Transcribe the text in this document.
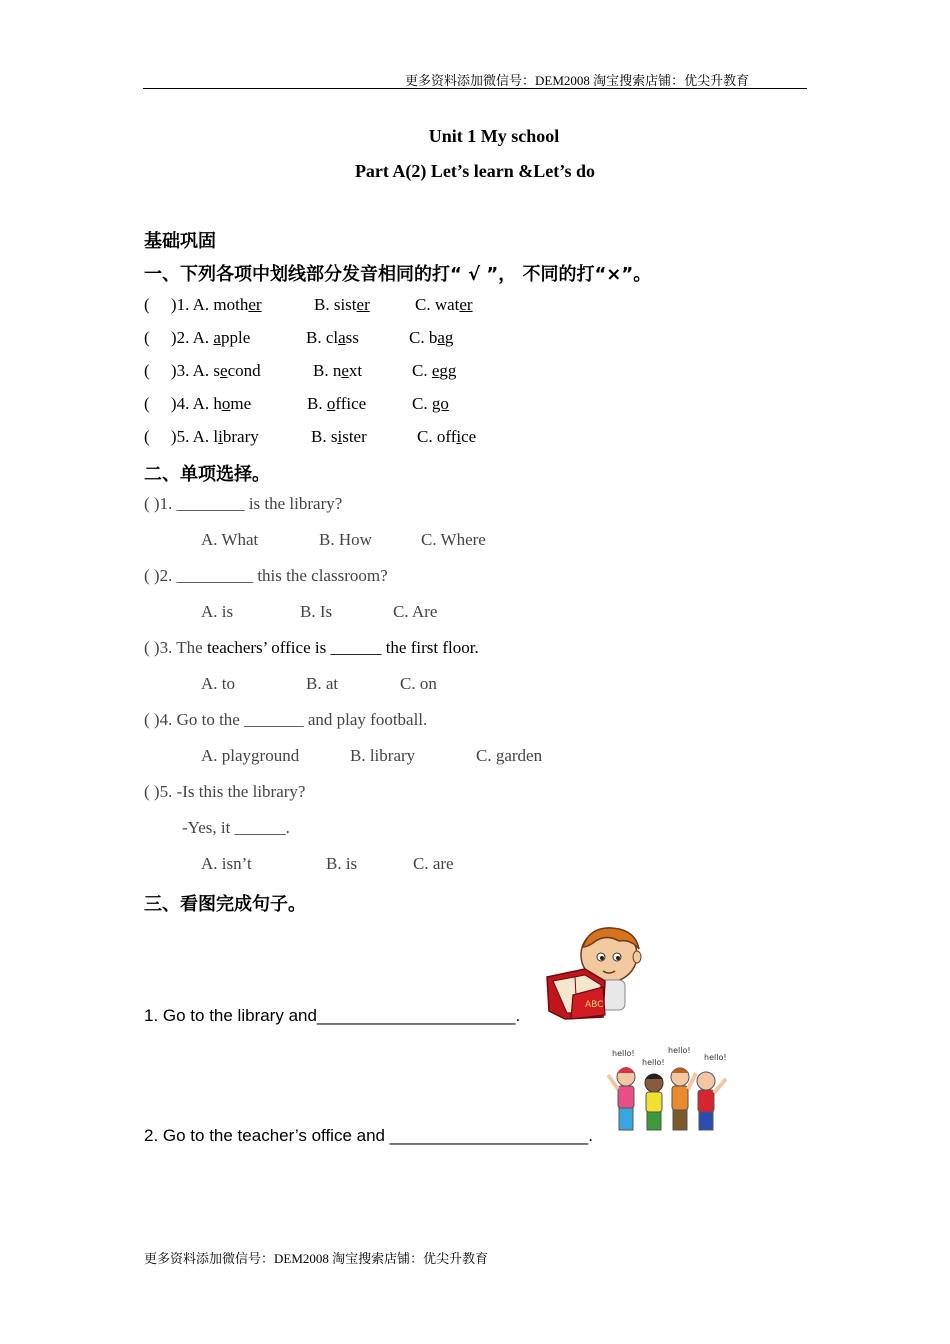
更多资料添加微信号：DEM2008 淘宝搜索店铺：优尖升教育
Unit 1 My school
Part A(2) Let’s learn &Let’s do
基础巩固
一、下列各项中划线部分发音相同的打“ √ ”， 不同的打“×”。
(     )1. A. mother	B. sister	C. water
(     )2. A. apple	B. class	C. bag
(     )3. A. second	B. next	C. egg
(     )4. A. home	B. office	C. go
(     )5. A. library	B. sister	C. office
二、单项选择。
( )1. ________ is the library?
A. What	B. How	C. Where
( )2. _________ this the classroom?
A. is	B. Is	C. Are
( )3. The teachers’ office is ______ the first floor.
A. to	B. at	C. on
( )4. Go to the _______ and play football.
A. playground	B. library	C. garden
( )5. -Is this the library?
-Yes, it ______.
A. isn’t	B. is	C. are
三、看图完成句子。
1. Go to the library and_____________________.
2. Go to the teacher’s office and _____________________.
ABC
hello!
hello!
hello!
hello!
更多资料添加微信号：DEM2008 淘宝搜索店铺：优尖升教育
